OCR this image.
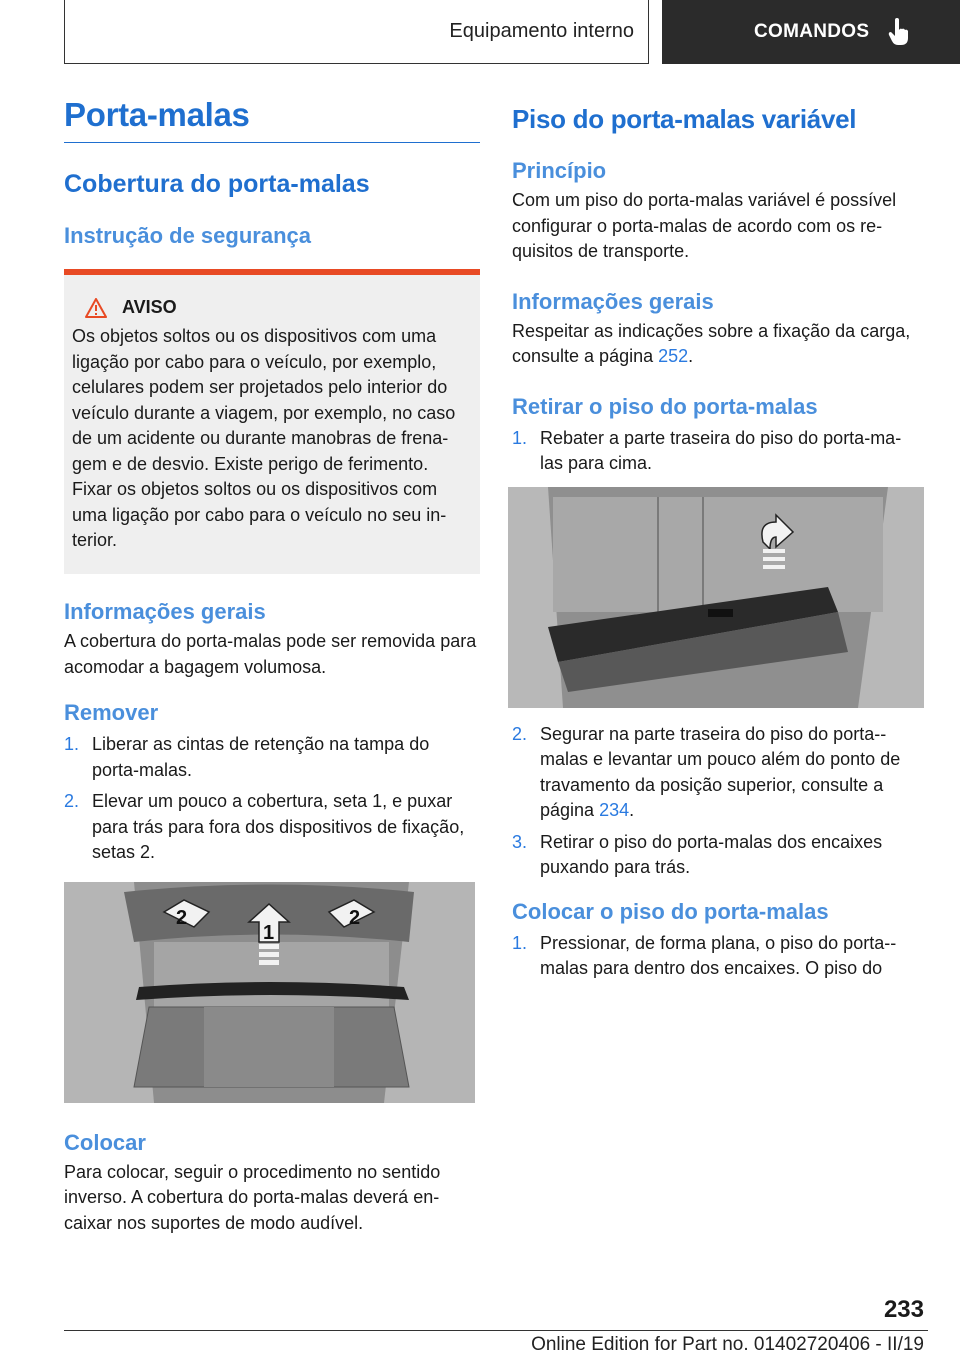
Equipamento interno	COMANDOS
Porta-malas
Cobertura do porta-malas
Instrução de segurança
AVISO

Os objetos soltos ou os dispositivos com uma ligação por cabo para o veículo, por exemplo, celulares podem ser projetados pelo interior do veículo durante a viagem, por exemplo, no caso de um acidente ou durante manobras de frena‐gem e de desvio. Existe perigo de ferimento. Fixar os objetos soltos ou os dispositivos com uma ligação por cabo para o veículo no seu in‐terior.

Informações gerais

A cobertura do porta-malas pode ser removida para acomodar a bagagem volumosa.

Remover
1. Liberar as cintas de retenção na tampa do porta-malas.
2. Elevar um pouco a cobertura, seta 1, e puxar para trás para fora dos dispositivos de fixação, setas 2.
1
2	2
Colocar

Para colocar, seguir o procedimento no sentido inverso. A cobertura do porta-malas deverá en‐caixar nos suportes de modo audível.

Piso do porta-malas variável
Princípio

Com um piso do porta-malas variável é possível configurar o porta-malas de acordo com os re‐quisitos de transporte.

Informações gerais

Respeitar as indicações sobre a fixação da carga, consulte a página 252.

Retirar o piso do porta-malas
1. Rebater a parte traseira do piso do porta-ma‐las para cima.
2. Segurar na parte traseira do piso do porta‐-malas e levantar um pouco além do ponto de travamento da posição superior, consulte a página 234.
3. Retirar o piso do porta-malas dos encaixes puxando para trás.
Colocar o piso do porta-malas
1. Pressionar, de forma plana, o piso do porta‐-malas para dentro dos encaixes. O piso do
233
Online Edition for Part no. 01402720406 - II/19
